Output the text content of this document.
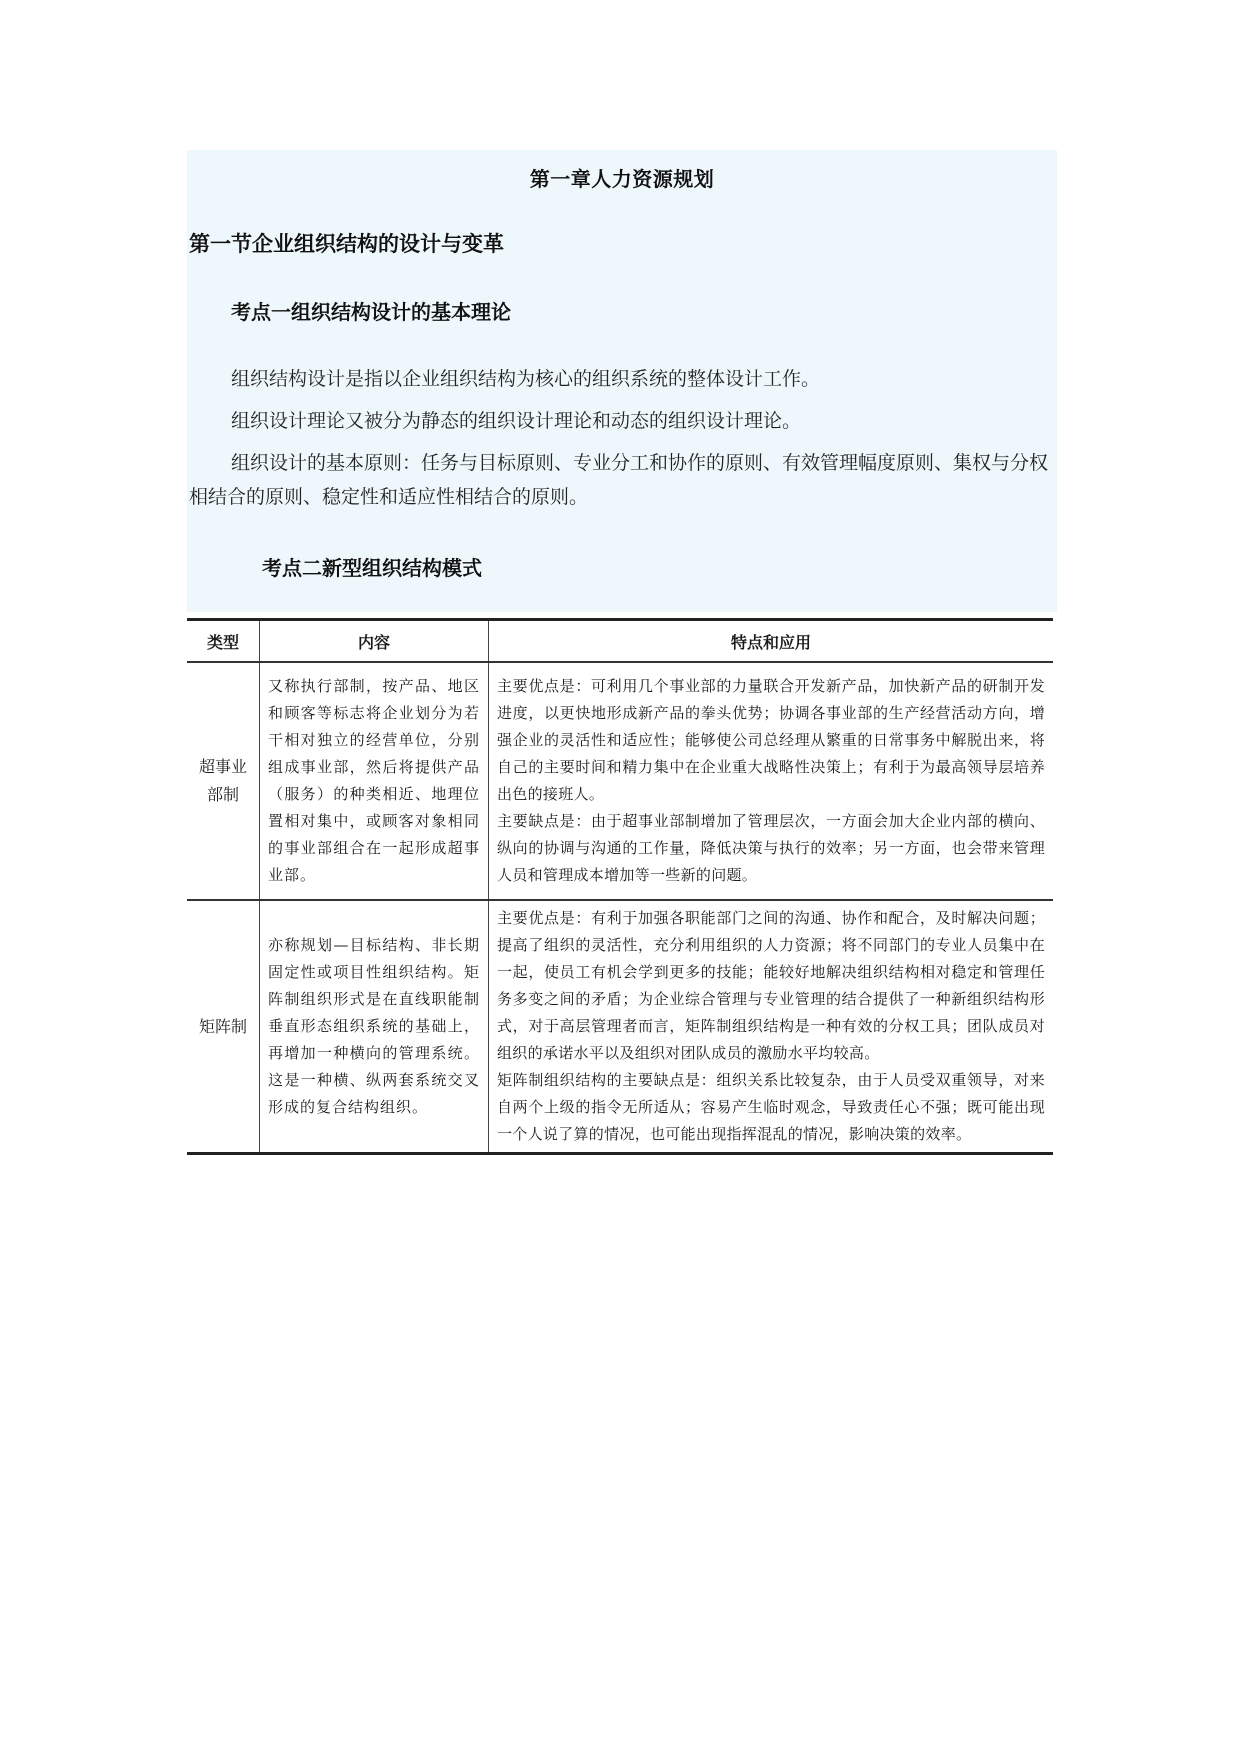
第一章人力资源规划
第一节企业组织结构的设计与变革
考点一组织结构设计的基本理论
组织结构设计是指以企业组织结构为核心的组织系统的整体设计工作。
组织设计理论又被分为静态的组织设计理论和动态的组织设计理论。
组织设计的基本原则：任务与目标原则、专业分工和协作的原则、有效管理幅度原则、集权与分权相结合的原则、稳定性和适应性相结合的原则。
考点二新型组织结构模式
类型	内容	特点和应用

超事业
部制	又称执行部制，按产品、地区和顾客等标志将企业划分为若干相对独立的经营单位，分别组成事业部，然后将提供产品（服务）的种类相近、地理位置相对集中，或顾客对象相同的事业部组合在一起形成超事业部。	主要优点是：可利用几个事业部的力量联合开发新产品，加快新产品的研制开发进度，以更快地形成新产品的拳头优势；协调各事业部的生产经营活动方向，增强企业的灵活性和适应性；能够使公司总经理从繁重的日常事务中解脱出来，将自己的主要时间和精力集中在企业重大战略性决策上；有利于为最高领导层培养出色的接班人。
主要缺点是：由于超事业部制增加了管理层次，一方面会加大企业内部的横向、纵向的协调与沟通的工作量，降低决策与执行的效率；另一方面，也会带来管理人员和管理成本增加等一些新的问题。

矩阵制	亦称规划—目标结构、非长期固定性或项目性组织结构。矩阵制组织形式是在直线职能制垂直形态组织系统的基础上，再增加一种横向的管理系统。这是一种横、纵两套系统交叉形成的复合结构组织。	主要优点是：有利于加强各职能部门之间的沟通、协作和配合，及时解决问题；提高了组织的灵活性，充分利用组织的人力资源；将不同部门的专业人员集中在一起，使员工有机会学到更多的技能；能较好地解决组织结构相对稳定和管理任务多变之间的矛盾；为企业综合管理与专业管理的结合提供了一种新组织结构形式，对于高层管理者而言，矩阵制组织结构是一种有效的分权工具；团队成员对组织的承诺水平以及组织对团队成员的激励水平均较高。
矩阵制组织结构的主要缺点是：组织关系比较复杂，由于人员受双重领导，对来自两个上级的指令无所适从；容易产生临时观念，导致责任心不强；既可能出现一个人说了算的情况，也可能出现指挥混乱的情况，影响决策的效率。
